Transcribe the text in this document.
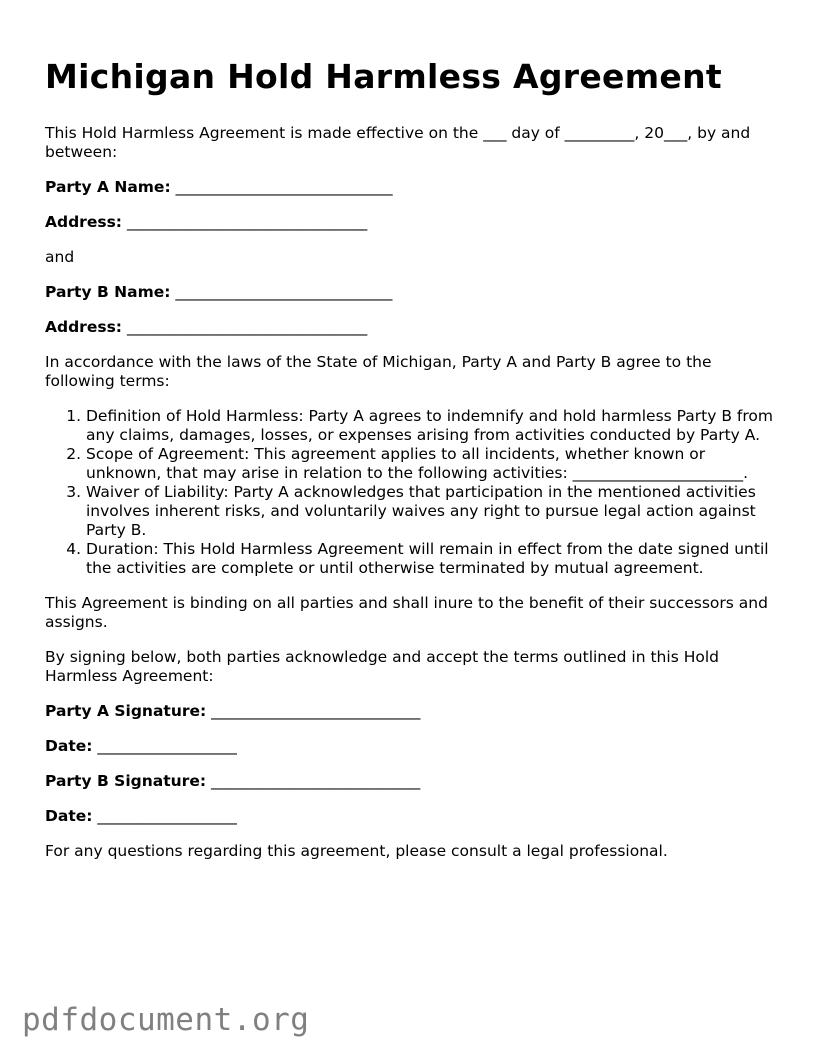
Michigan Hold Harmless Agreement

This Hold Harmless Agreement is made effective on the ___ day of _________, 20___, by and between:

Party A Name: ____________________________

Address: _______________________________

and

Party B Name: ____________________________

Address: _______________________________

In accordance with the laws of the State of Michigan, Party A and Party B agree to the following terms:

1. Definition of Hold Harmless: Party A agrees to indemnify and hold harmless Party B from any claims, damages, losses, or expenses arising from activities conducted by Party A.
2. Scope of Agreement: This agreement applies to all incidents, whether known or unknown, that may arise in relation to the following activities: ______________________.
3. Waiver of Liability: Party A acknowledges that participation in the mentioned activities involves inherent risks, and voluntarily waives any right to pursue legal action against Party B.
4. Duration: This Hold Harmless Agreement will remain in effect from the date signed until the activities are complete or until otherwise terminated by mutual agreement.

This Agreement is binding on all parties and shall inure to the benefit of their successors and assigns.

By signing below, both parties acknowledge and accept the terms outlined in this Hold Harmless Agreement:

Party A Signature: ___________________________

Date: __________________

Party B Signature: ___________________________

Date: __________________

For any questions regarding this agreement, please consult a legal professional.

pdfdocument.org
